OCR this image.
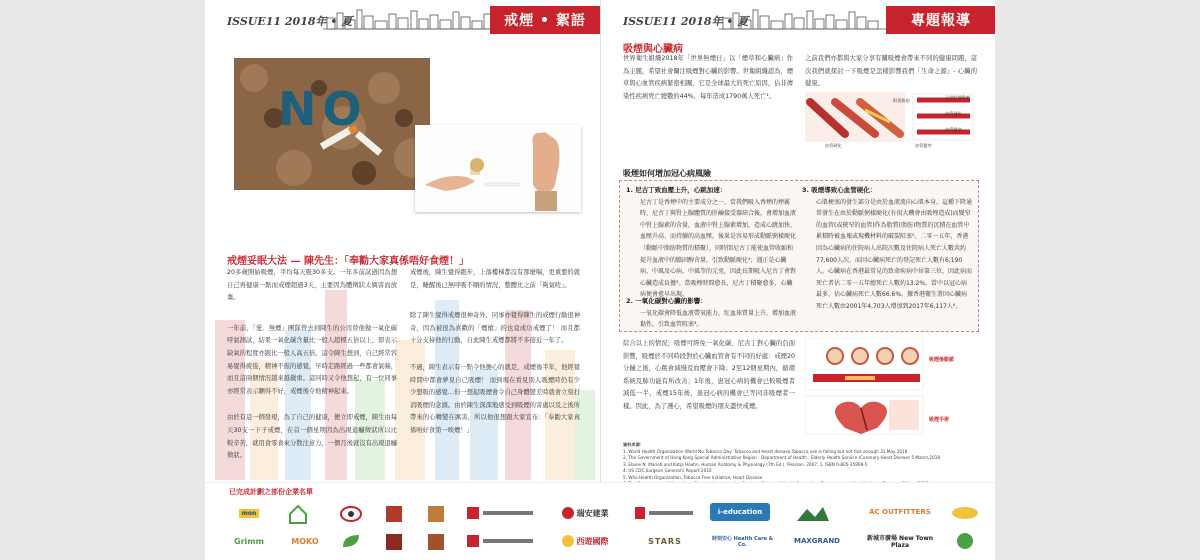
ISSUE11 2018年 • 夏	戒煙 • 絮語
NO
戒煙妥眠大法 — 陳先生：「奉勸大家真係唔好食煙！」

20多歲開始吸煙，平均每天吸30多支。一年多前試過因為想自己再健康一點而戒煙超過3天，主要因為體徵狀太厲害而放棄。

一年前，「愛．無煙」團隊曾去到陳生的公司替他做一氧化碳呼氣測試，結果一氧化碳含量比一般人超標五倍以上，即表示缺氧的程度亦跟比一般人高五倍。這令陳生想到，自己經常容易覺得疲倦，精神不振的感覺，早時走路經過一些都會氣喘，而且這兩個情況越來越嚴重。這同時又令他想起，有一位同事亦經常表示睏得不好，戒煙後令他精神起來。

由於有這一個發現，為了自己的健康，便立即戒煙，陳生由每天30支一下子戒煙，在首一個星期因為出現退癮徵狀所以比較辛苦，就用食零食來分散注意力，一個月後就沒有出現退癮徵狀。

戒煙後，陳生覺得跑步，上落樓梯都沒有那麼喘，更重要的就是，睡醒後已無呼吸不順的情況，整體比之前「夠氣咗」。

除了陳生覺得戒煙很神奇外，同事亦覺得陳生的戒煙行動很神奇，因為被很為喜歡的「煙槍」的也竟成功戒煙了！ 而且都十分支持他的行動，自此陳生戒煙都將不多接近一年了。

不過，陳生表示有一點令他擔心的就是，戒煙後半年，他經覺時間中都會夢見自己吸煙！ 而到現在看見別人吸煙時仍有少少想吸的感覺…但一想起吸煙會令自己身體變差時就會立刻打消吸煙的念頭。由於陳生深深地感受到吸煙的害處以及之後所帶來的心轉變在厲害，所以他很想跟大家宣布：「奉勸大家真係唔好食第一啖煙！」

ISSUE11 2018年 • 夏	專題報導
吸煙與心臟病
世界衛生組織2018年「世界無煙日」以「煙草和心臟病」作為主題，希望社會關注吸煙對心臟的影響。世衛組織認為，煙草與心血管疾病緊密相關，它是全球最大的死亡原因，佔非傳染性疾病死亡總數的44%，每年造成1790萬人死亡¹。
之前我們亦都與大家分享有關吸煙會帶來不同的健康問題，這次我們就探討一下吸煙是怎樣影響我們「生命之源」- 心臟的健康。
正常狀態動脈
附著脂肪
血管硬化
血管變窄
血管硬化	血管變窄
吸煙如何增加冠心病風險
1. 尼古丁致血壓上升，心跳加速：
尼古丁是香煙中的主要成分之一，當我們吸入香煙的煙霧時，尼古丁與腎上腺體質的肝鹼接受器結合後，會增加血液中腎上腺素的含量，血液中腎上腺素增加，造成心跳加快、血壓升高、而持續的高血壓，後果是容易形成動脈粥樣硬化（動脈中脂肪物質的積聚），同時間尼古丁能使血管收縮和提升血液中的膽固醇含量，引致動脈硬化²；遇正是心臟病、中風及心病、中風等的元兇，因此長期吸入尼古丁會對心臟造成負擔³。當吸煙時間愈長，尼古丁積聚愈多，心臟病便會愈早出現。
2. 一氧化碳對心臟的影響：
一氧化碳會降低血液帶氧能力，紅血球質量上升，增加血液黏性，引致血管阻塞⁴。
3. 吸煙導致心血管硬化：
心肌梗塞的發生部分是由於血液流向心肌本身。這種下降通常發生在由於動脈粥樣硬化(有很大機會由吸煙造成)而變窄的血管(或狹窄的血管)作為脂質(脂肪)物質的沉積在血管中累積時被血塊或現機材料的破裂阻塞⁵。二零一五年，香港因為心臟病的住院病人出院次數及住院病人死亡人數共約77,600人次，而因心臟病死亡的登記死亡人數有6,190人。心臟病在香港最常見的致命疾病中居第三位，因此病而死亡者佔二零一五年總死亡人數約13.2%，當中以冠心病最多，佔心臟病死亡人數66.6%。據香港衛生署因心臟病死亡人數由2001年4,703人增加到2017年6,117人⁶。
綜合以上的情況，吸煙可經免一氧化碳、尼古丁對心臟的負面影響，吸煙於不同時段對於心臟血管會有不同的好處：戒煙20分鐘之後，心跳會減慢及血壓會下降；2至12個星期內，循環系統及肺功能有所改善；1年後，患冠心病的機會已較吸煙者減低一半，戒煙15年後，患冠心病的機會已等同非吸煙者一樣。因此，為了護心，希望吸煙的朋友盡快戒煙。
吸煙後動脈
吸煙手術
資料來源：
1. World Health Organization World No Tobacco Day: Tobacco and Heart disease,Tobacco use is falling but not fast enough 31,May,2018
2. The Government of Hong Kong Special Administrative Region : Department of Health : Elderly Health Service (Coronary Heart Disease 5 March,2018
3. Elaine N. Marieb and Katja Hoehn. Human Anatomy & Physiology (7th Ed.). Pearson. 2007. 1. ISBN 0-805-35909-5
4. US CDC,Surgeon General's Report 2010
5. Who Health Organization, Tobacco Free Initiative; Heart Disease
已完成計劃之部份企業名單
mon
Grimm	MOKO
瑞安建業
西遊國際	STARS
i-education
時刻安心 Health Care & Co.	MAXGRAND
AC OUTFITTERS
新城市廣場 New Town Plaza
